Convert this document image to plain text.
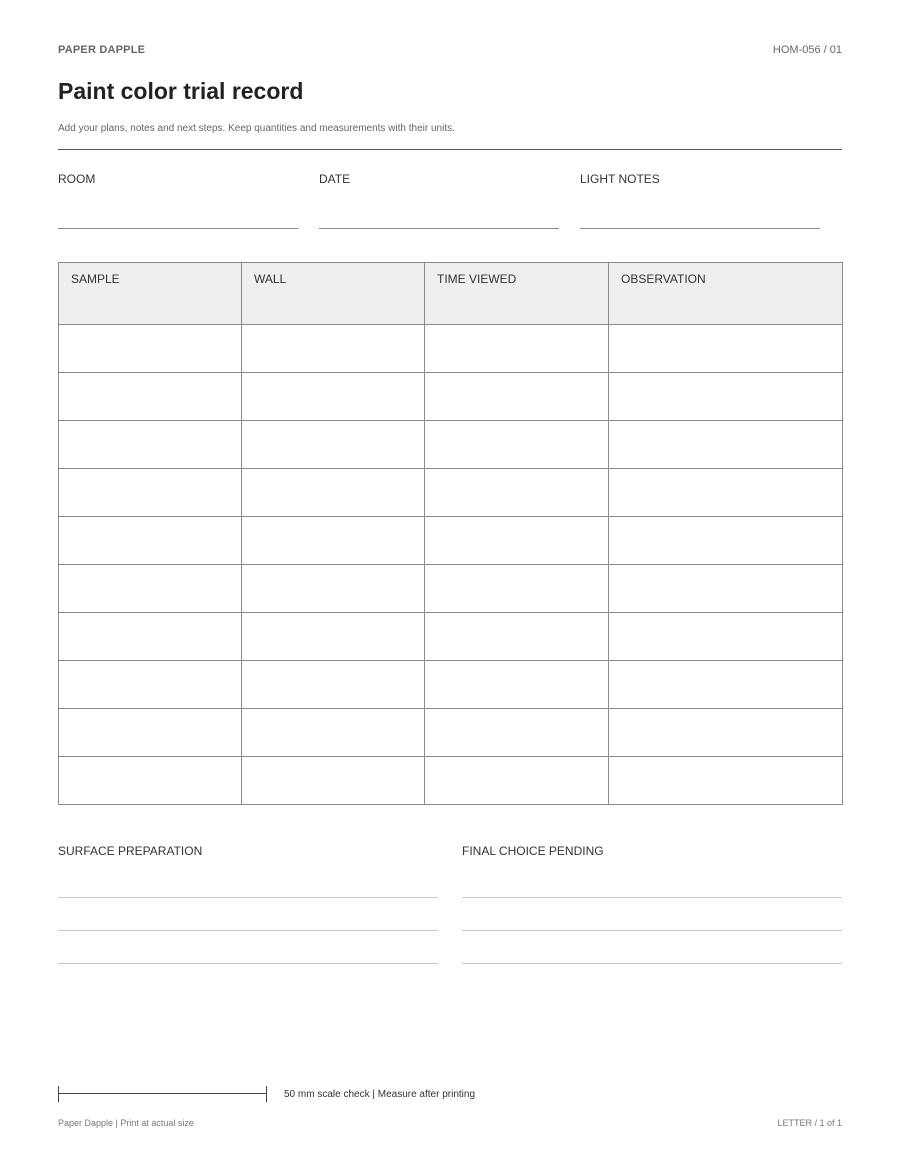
PAPER DAPPLE	HOM-056 / 01
Paint color trial record
Add your plans, notes and next steps. Keep quantities and measurements with their units.
ROOM	DATE	LIGHT NOTES
SAMPLE	WALL	TIME VIEWED	OBSERVATION

SURFACE PREPARATION	FINAL CHOICE PENDING
50 mm scale check | Measure after printing
Paper Dapple | Print at actual size	LETTER / 1 of 1
